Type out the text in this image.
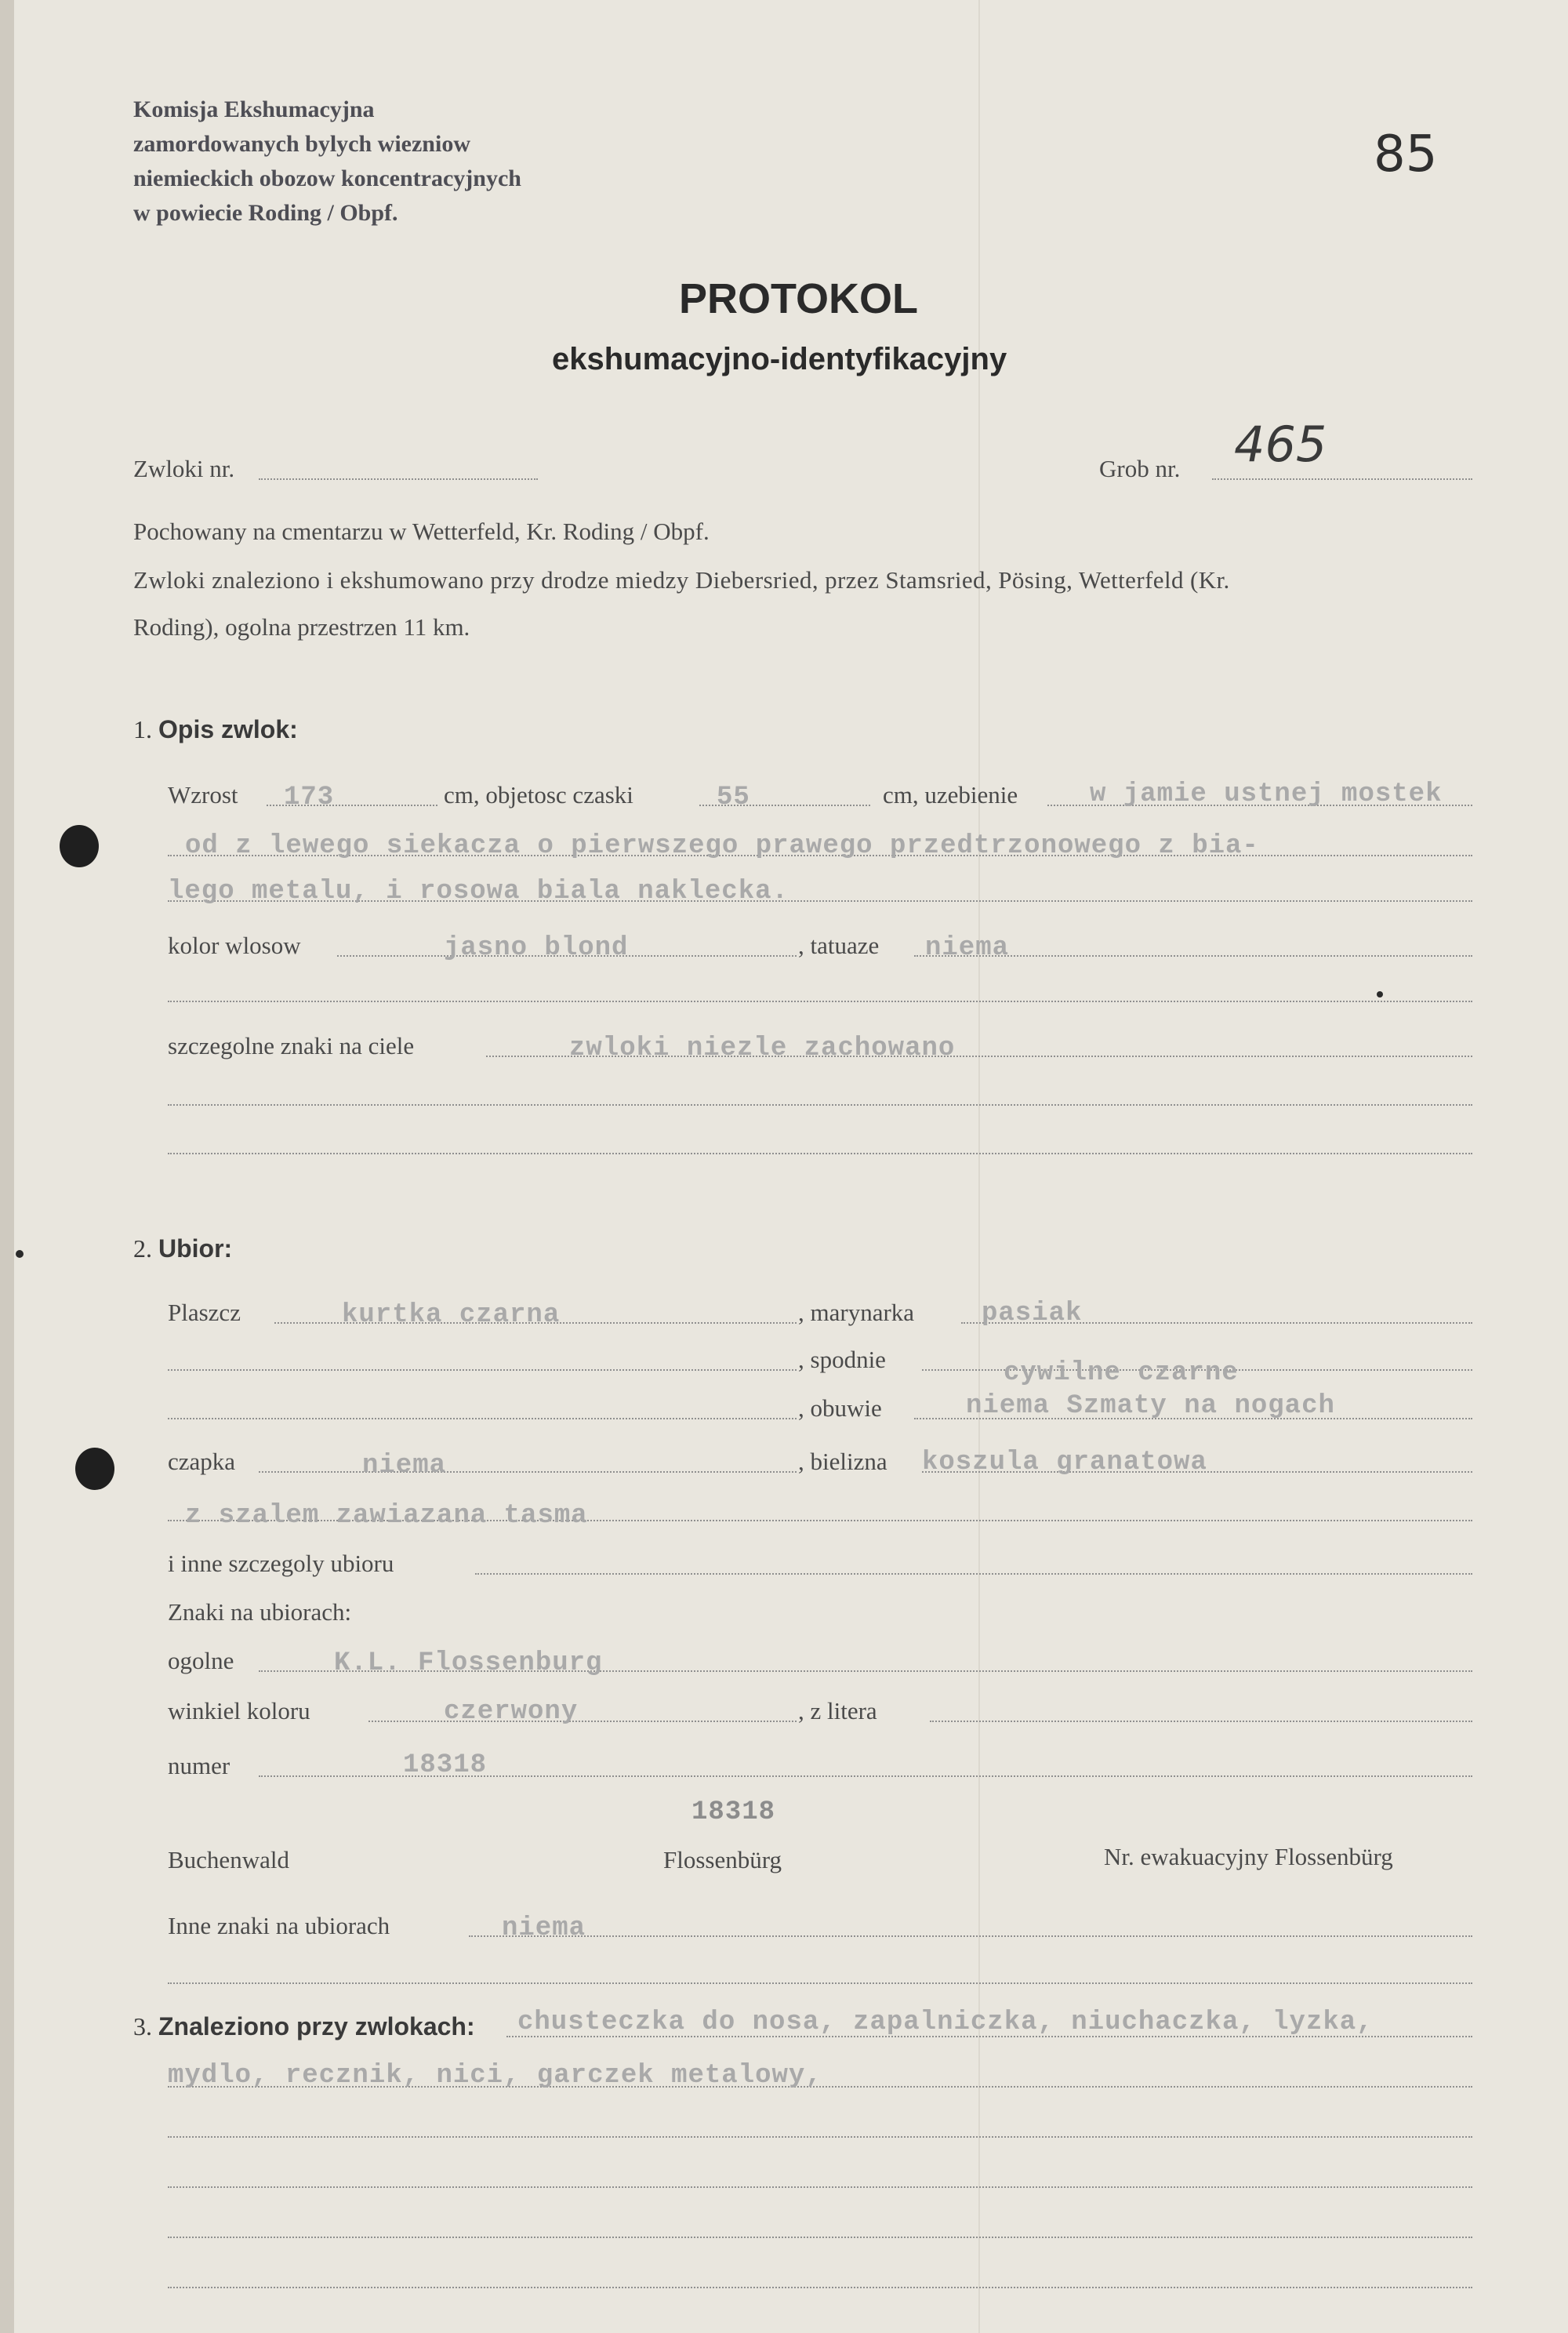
Komisja Ekshumacyjna
zamordowanych bylych wiezniow
niemieckich obozow koncentracyjnych
w powiecie Roding / Obpf.
85
PROTOKOL
ekshumacyjno-identyfikacyjny
Zwloki nr.	Grob nr. 465
Pochowany na cmentarzu w Wetterfeld, Kr. Roding / Obpf.
Zwloki znaleziono i ekshumowano przy drodze miedzy Diebersried, przez Stamsried, Pösing, Wetterfeld (Kr.
Roding), ogolna przestrzen 11 km.
1. Opis zwlok:
Wzrost 173	cm, objetosc czaski	55	cm, uzebienie	w jamie ustnej mostek
od z lewego siekacza o pierwszego prawego przedtrzonowego z bia-
lego metalu, i rosowa biala naklecka.
kolor wlosow	jasno blond	, tatuaze niema
szczegolne znaki na ciele	zwloki niezle zachowano
2. Ubior:
Plaszcz	kurtka czarna	, marynarka	pasiak
, spodnie	cywilne czarne
, obuwie	niema Szmaty na nogach
czapka	niema	, bielizna koszula granatowa
z szalem zawiazana tasma
i inne szczegoly ubioru
Znaki na ubiorach:
ogolne	K.L. Flossenburg
winkiel koloru	czerwony	, z litera
numer	18318
18318
Buchenwald	Flossenbürg	Nr. ewakuacyjny Flossenbürg
Inne znaki na ubiorach	niema
3. Znaleziono przy zwlokach: chusteczka do nosa, zapalniczka, niuchaczka, lyzka,
mydlo, recznik, nici, garczek metalowy,
